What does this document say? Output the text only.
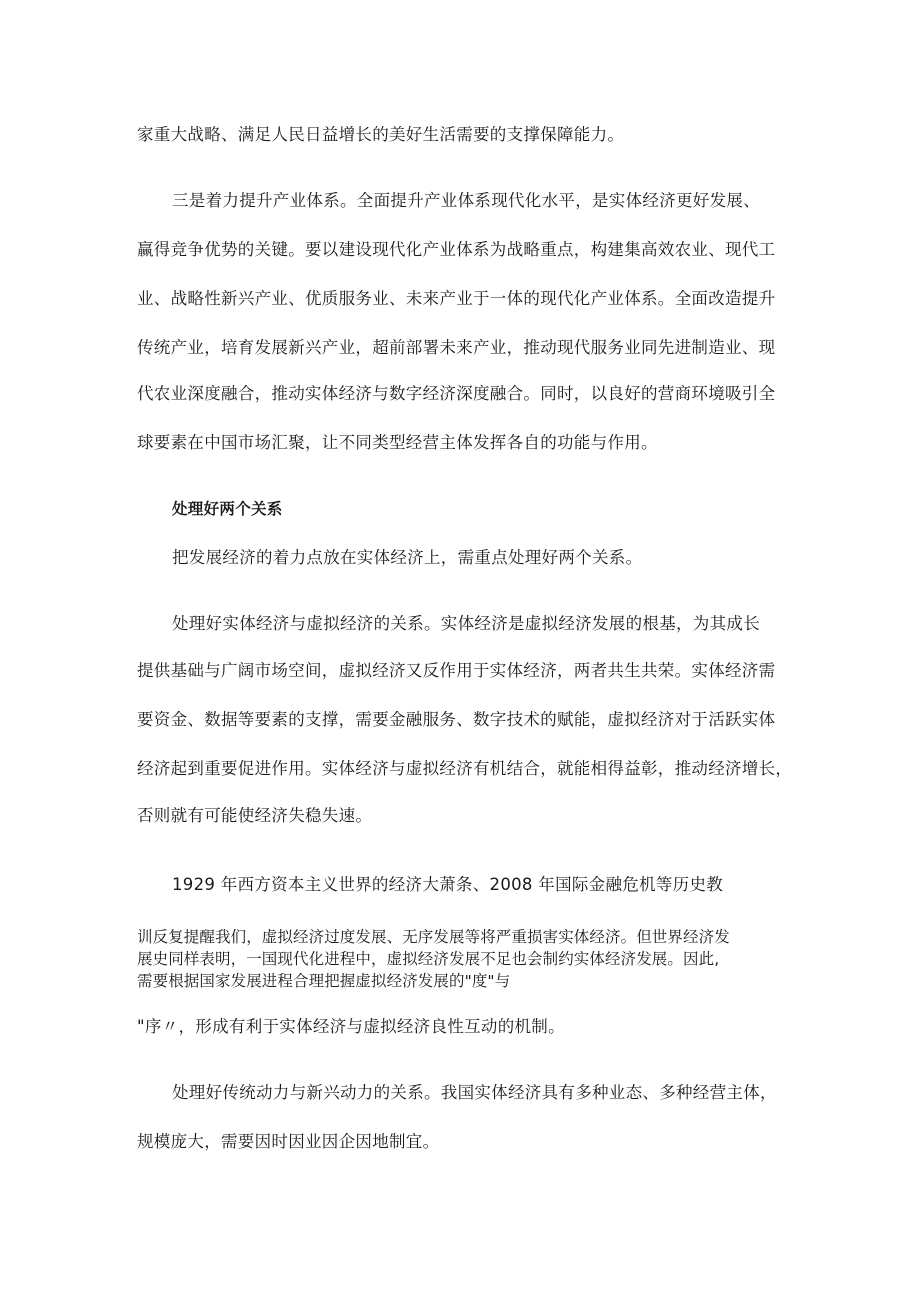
家重大战略、满足人民日益增长的美好生活需要的支撑保障能力。
三是着力提升产业体系。全面提升产业体系现代化水平，是实体经济更好发展、
赢得竞争优势的关键。要以建设现代化产业体系为战略重点，构建集高效农业、现代工
业、战略性新兴产业、优质服务业、未来产业于一体的现代化产业体系。全面改造提升
传统产业，培育发展新兴产业，超前部署未来产业，推动现代服务业同先进制造业、现
代农业深度融合，推动实体经济与数字经济深度融合。同时，以良好的营商环境吸引全
球要素在中国市场汇聚，让不同类型经营主体发挥各自的功能与作用。
处理好两个关系
把发展经济的着力点放在实体经济上，需重点处理好两个关系。
处理好实体经济与虚拟经济的关系。实体经济是虚拟经济发展的根基，为其成长
提供基础与广阔市场空间，虚拟经济又反作用于实体经济，两者共生共荣。实体经济需
要资金、数据等要素的支撑，需要金融服务、数字技术的赋能，虚拟经济对于活跃实体
经济起到重要促进作用。实体经济与虚拟经济有机结合，就能相得益彰，推动经济增长，
否则就有可能使经济失稳失速。
1929 年西方资本主义世界的经济大萧条、2008 年国际金融危机等历史教
训反复提醒我们，虚拟经济过度发展、无序发展等将严重损害实体经济。但世界经济发
展史同样表明，一国现代化进程中，虚拟经济发展不足也会制约实体经济发展。因此,
需要根据国家发展进程合理把握虚拟经济发展的"度"与
"序〃，形成有利于实体经济与虚拟经济良性互动的机制。
处理好传统动力与新兴动力的关系。我国实体经济具有多种业态、多种经营主体，
规模庞大，需要因时因业因企因地制宜。
